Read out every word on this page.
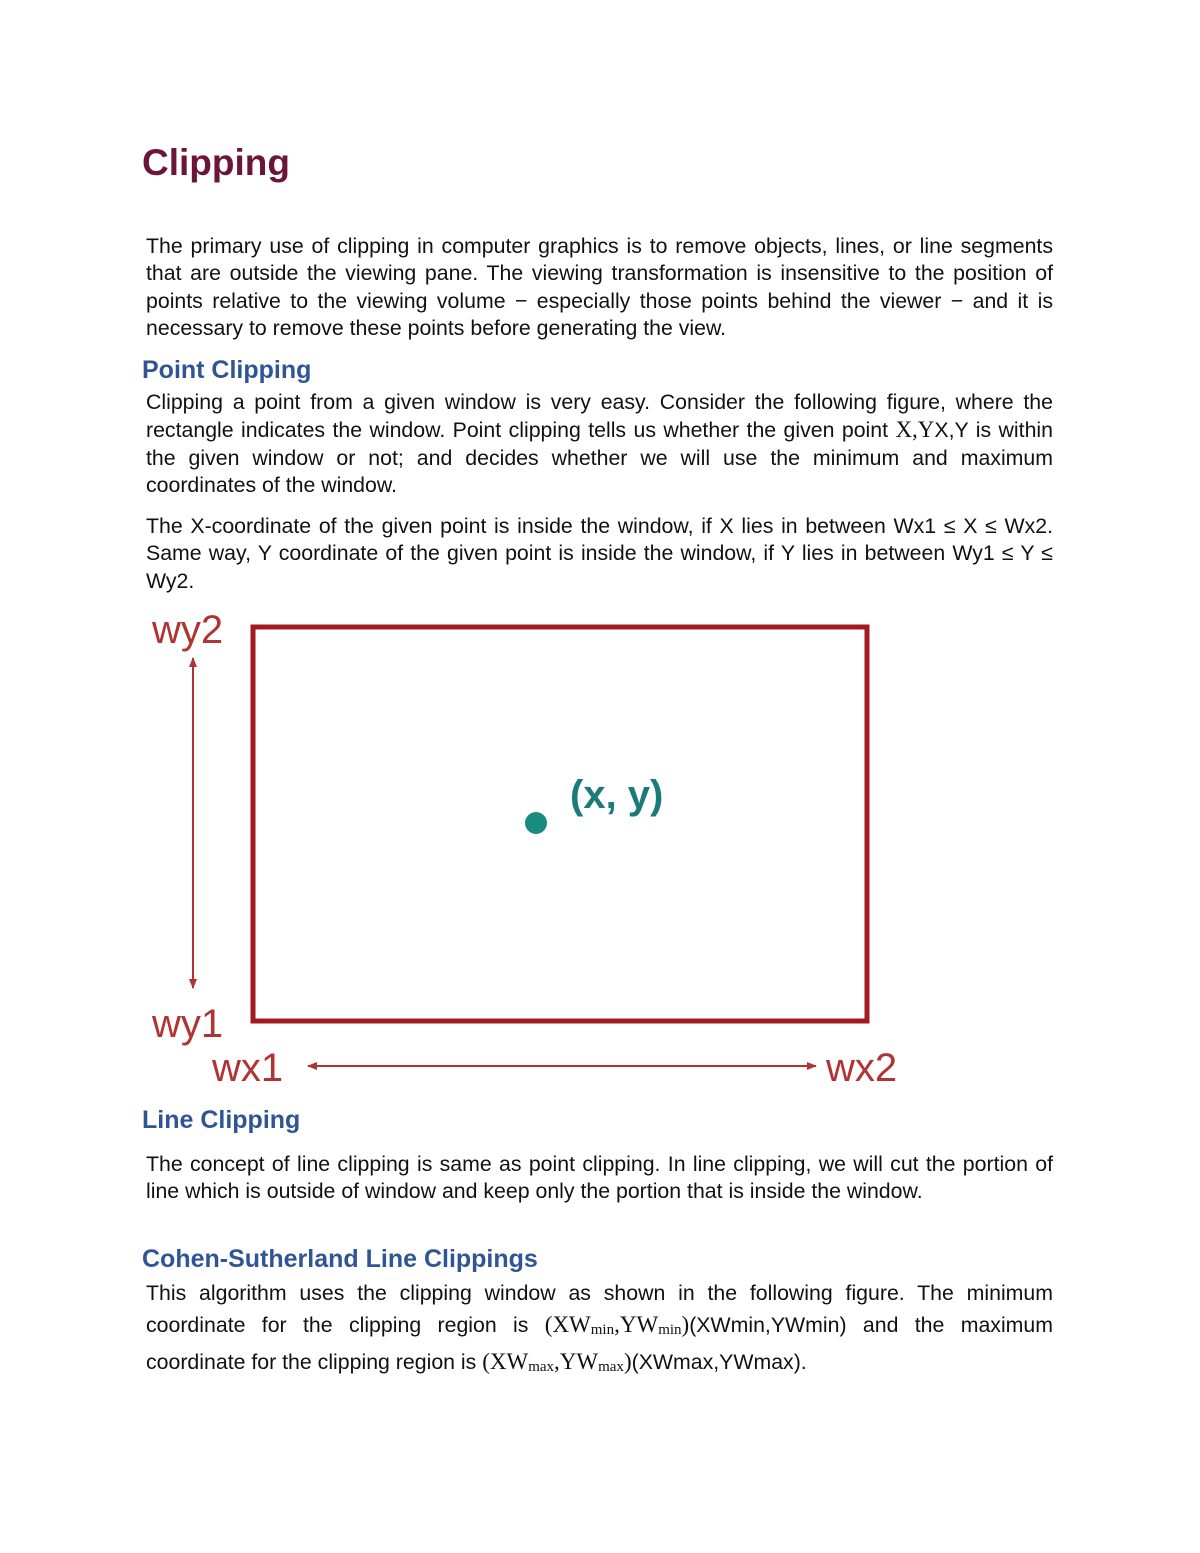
Clipping

The primary use of clipping in computer graphics is to remove objects, lines, or line segments that are outside the viewing pane. The viewing transformation is insensitive to the position of points relative to the viewing volume − especially those points behind the viewer − and it is necessary to remove these points before generating the view.

Point Clipping

Clipping a point from a given window is very easy. Consider the following figure, where the rectangle indicates the window. Point clipping tells us whether the given point X,YX,Y is within the given window or not; and decides whether we will use the minimum and maximum coordinates of the window.

The X-coordinate of the given point is inside the window, if X lies in between Wx1 ≤ X ≤ Wx2. Same way, Y coordinate of the given point is inside the window, if Y lies in between Wy1 ≤ Y ≤ Wy2.

wy2
wy1
wx1	wx2
(x, y)
Line Clipping

The concept of line clipping is same as point clipping. In line clipping, we will cut the portion of line which is outside of window and keep only the portion that is inside the window.

Cohen-Sutherland Line Clippings

This algorithm uses the clipping window as shown in the following figure. The minimum coordinate for the clipping region is $(XW_{min},YW_{min})(XWmin,YWmin)$ and the maximum coordinate for the clipping region is $(XW_{max},YW_{max})(XWmax,YWmax)$.
